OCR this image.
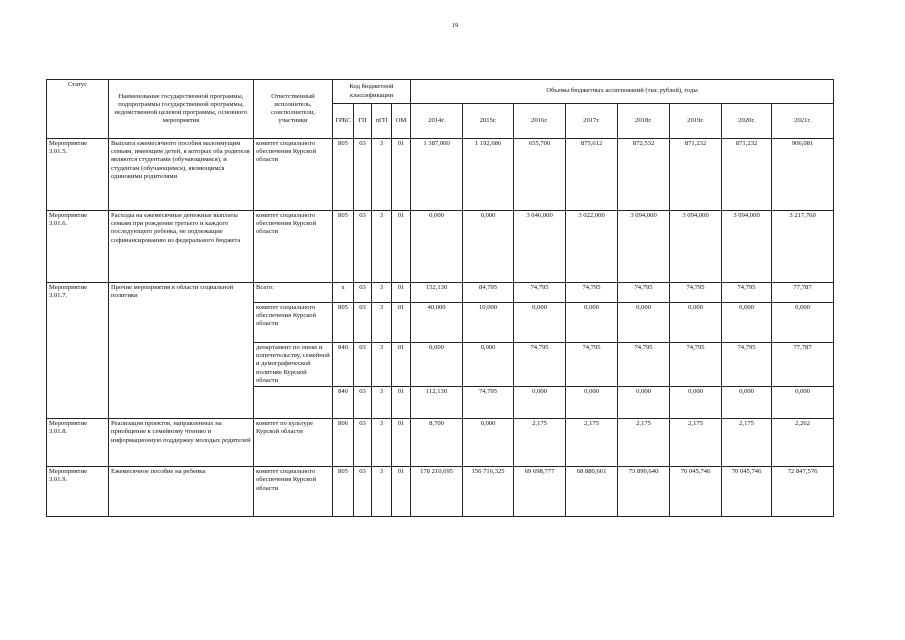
19
Статус	Наименование государственной программы, подпрограммы государственной программы, ведомственной целевой программы, основного мероприятия	Ответственный исполнитель, соисполнители, участники	Код бюджетной классификации				Объемы бюджетных ассигнований (тыс.рублей), годы							
			ГРБС	ГП	пГП	ОМ	2014г.	2015г.	2016г.	2017г.	2018г.	2019г.	2020г.	2021г.
Мероприятие 3.01.5.	Выплата ежемесячного пособия малоимущим семьям, имеющим детей, в которых оба родителя являются студентами (обучающимися), и студентам (обучающимся), являющимся одинокими родителями	комитет социального обеспечения Курской области	805	03	3	01	1 387,000	1 192,686	655,700	875,612	872,532	871,232	871,232	906,081
Мероприятие 3.01.6.	Расходы на ежемесячные денежные выплаты семьям при рождении третьего и каждого последующего ребенка, не подлежащие софинансированию из федерального бюджета	комитет социального обеспечения Курской области	805	03	3	01	0,000	0,000	3 046,000	3 022,000	3 094,000	3 094,000	3 094,000	3 217,760
Мероприятие 3.01.7.	Прочие мероприятия в области социальной политики	Всего:	х	03	3	01	152,130	84,795	74,795	74,795	74,795	74,795	74,795	77,787
		комитет социального обеспечения Курской области	805	03	3	01	40,000	10,000	0,000	0,000	0,000	0,000	0,000	0,000
		департамент по опеке и попечительству, семейной и демографической политике Курской области	840	03	3	01	0,000	0,000	74,795	74,795	74,795	74,795	74,795	77,787
			840	03	3	01	112,130	74,795	0,000	0,000	0,000	0,000	0,000	0,000
Мероприятие 3.01.8.	Реализация проектов, направленных на приобщение к семейному чтению и информационную поддержку молодых родителей	комитет по культуре Курской области	806	03	3	01	8,700	0,000	2,175	2,175	2,175	2,175	2,175	2,262
Мероприятие 3.01.9.	Ежемесячное пособие на ребенка	комитет социального обеспечения Курской области	805	03	3	01	178 210,695	156 716,325	69 698,777	68 880,661	73 890,640	70 045,746	70 045,746	72 847,576
